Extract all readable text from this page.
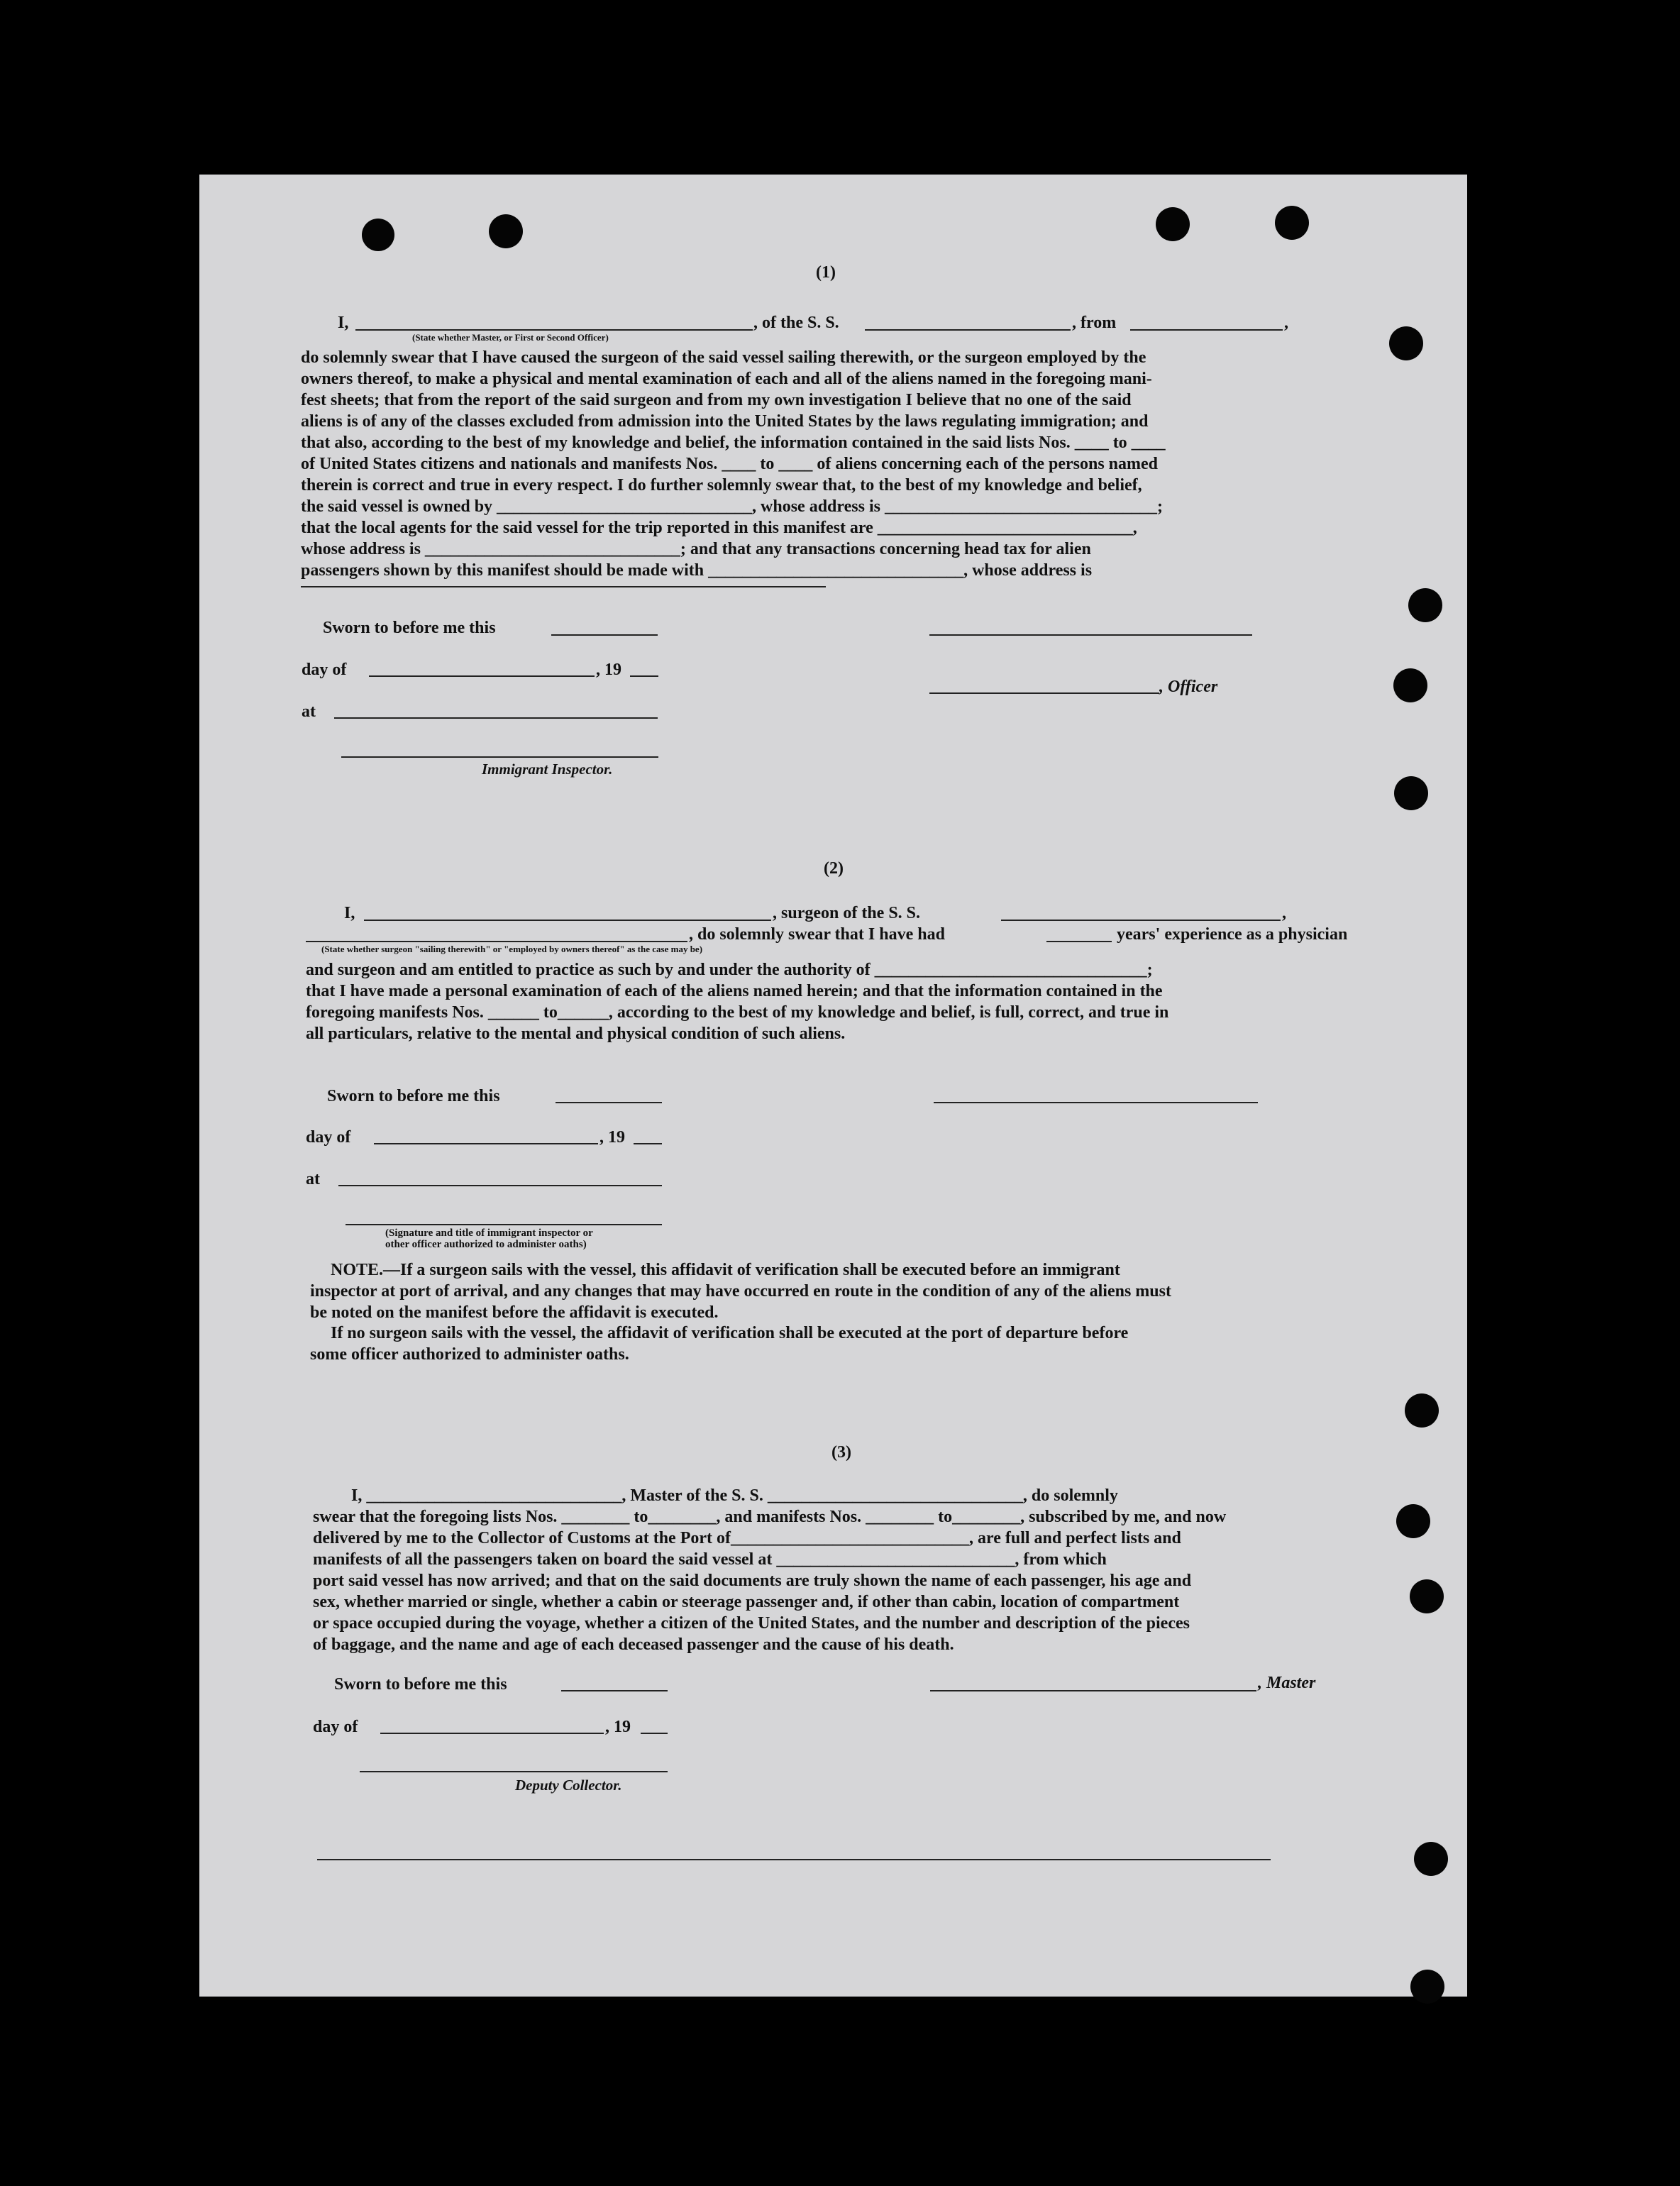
(1)
I,	, of the S. S.	, from	,
(State whether Master, or First or Second Officer)
do solemnly swear that I have caused the surgeon of the said vessel sailing therewith, or the surgeon employed by the
owners thereof, to make a physical and mental examination of each and all of the aliens named in the foregoing mani-
fest sheets; that from the report of the said surgeon and from my own investigation I believe that no one of the said
aliens is of any of the classes excluded from admission into the United States by the laws regulating immigration; and
that also, according to the best of my knowledge and belief, the information contained in the said lists Nos. ____ to ____
of United States citizens and nationals and manifests Nos. ____ to ____ of aliens concerning each of the persons named
therein is correct and true in every respect. I do further solemnly swear that, to the best of my knowledge and belief,
the said vessel is owned by ______________________________, whose address is ________________________________;
that the local agents for the said vessel for the trip reported in this manifest are ______________________________,
whose address is ______________________________; and that any transactions concerning head tax for alien
passengers shown by this manifest should be made with ______________________________, whose address is
Sworn to before me this
day of	, 19
, Officer
at
Immigrant Inspector.
(2)
I,	, surgeon of the S. S.	,
, do solemnly swear that I have had	years' experience as a physician
(State whether surgeon "sailing therewith" or "employed by owners thereof" as the case may be)
and surgeon and am entitled to practice as such by and under the authority of ________________________________;
that I have made a personal examination of each of the aliens named herein; and that the information contained in the
foregoing manifests Nos. ______ to______, according to the best of my knowledge and belief, is full, correct, and true in
all particulars, relative to the mental and physical condition of such aliens.
Sworn to before me this
day of	, 19
at
(Signature and title of immigrant inspector or
other officer authorized to administer oaths)
NOTE.—If a surgeon sails with the vessel, this affidavit of verification shall be executed before an immigrant
inspector at port of arrival, and any changes that may have occurred en route in the condition of any of the aliens must
be noted on the manifest before the affidavit is executed.
If no surgeon sails with the vessel, the affidavit of verification shall be executed at the port of departure before
some officer authorized to administer oaths.
(3)
I, ______________________________, Master of the S. S. ______________________________, do solemnly
swear that the foregoing lists Nos. ________ to________, and manifests Nos. ________ to________, subscribed by me, and now
delivered by me to the Collector of Customs at the Port of____________________________, are full and perfect lists and
manifests of all the passengers taken on board the said vessel at ____________________________, from which
port said vessel has now arrived; and that on the said documents are truly shown the name of each passenger, his age and
sex, whether married or single, whether a cabin or steerage passenger and, if other than cabin, location of compartment
or space occupied during the voyage, whether a citizen of the United States, and the number and description of the pieces
of baggage, and the name and age of each deceased passenger and the cause of his death.
Sworn to before me this	, Master
day of	, 19
Deputy Collector.
